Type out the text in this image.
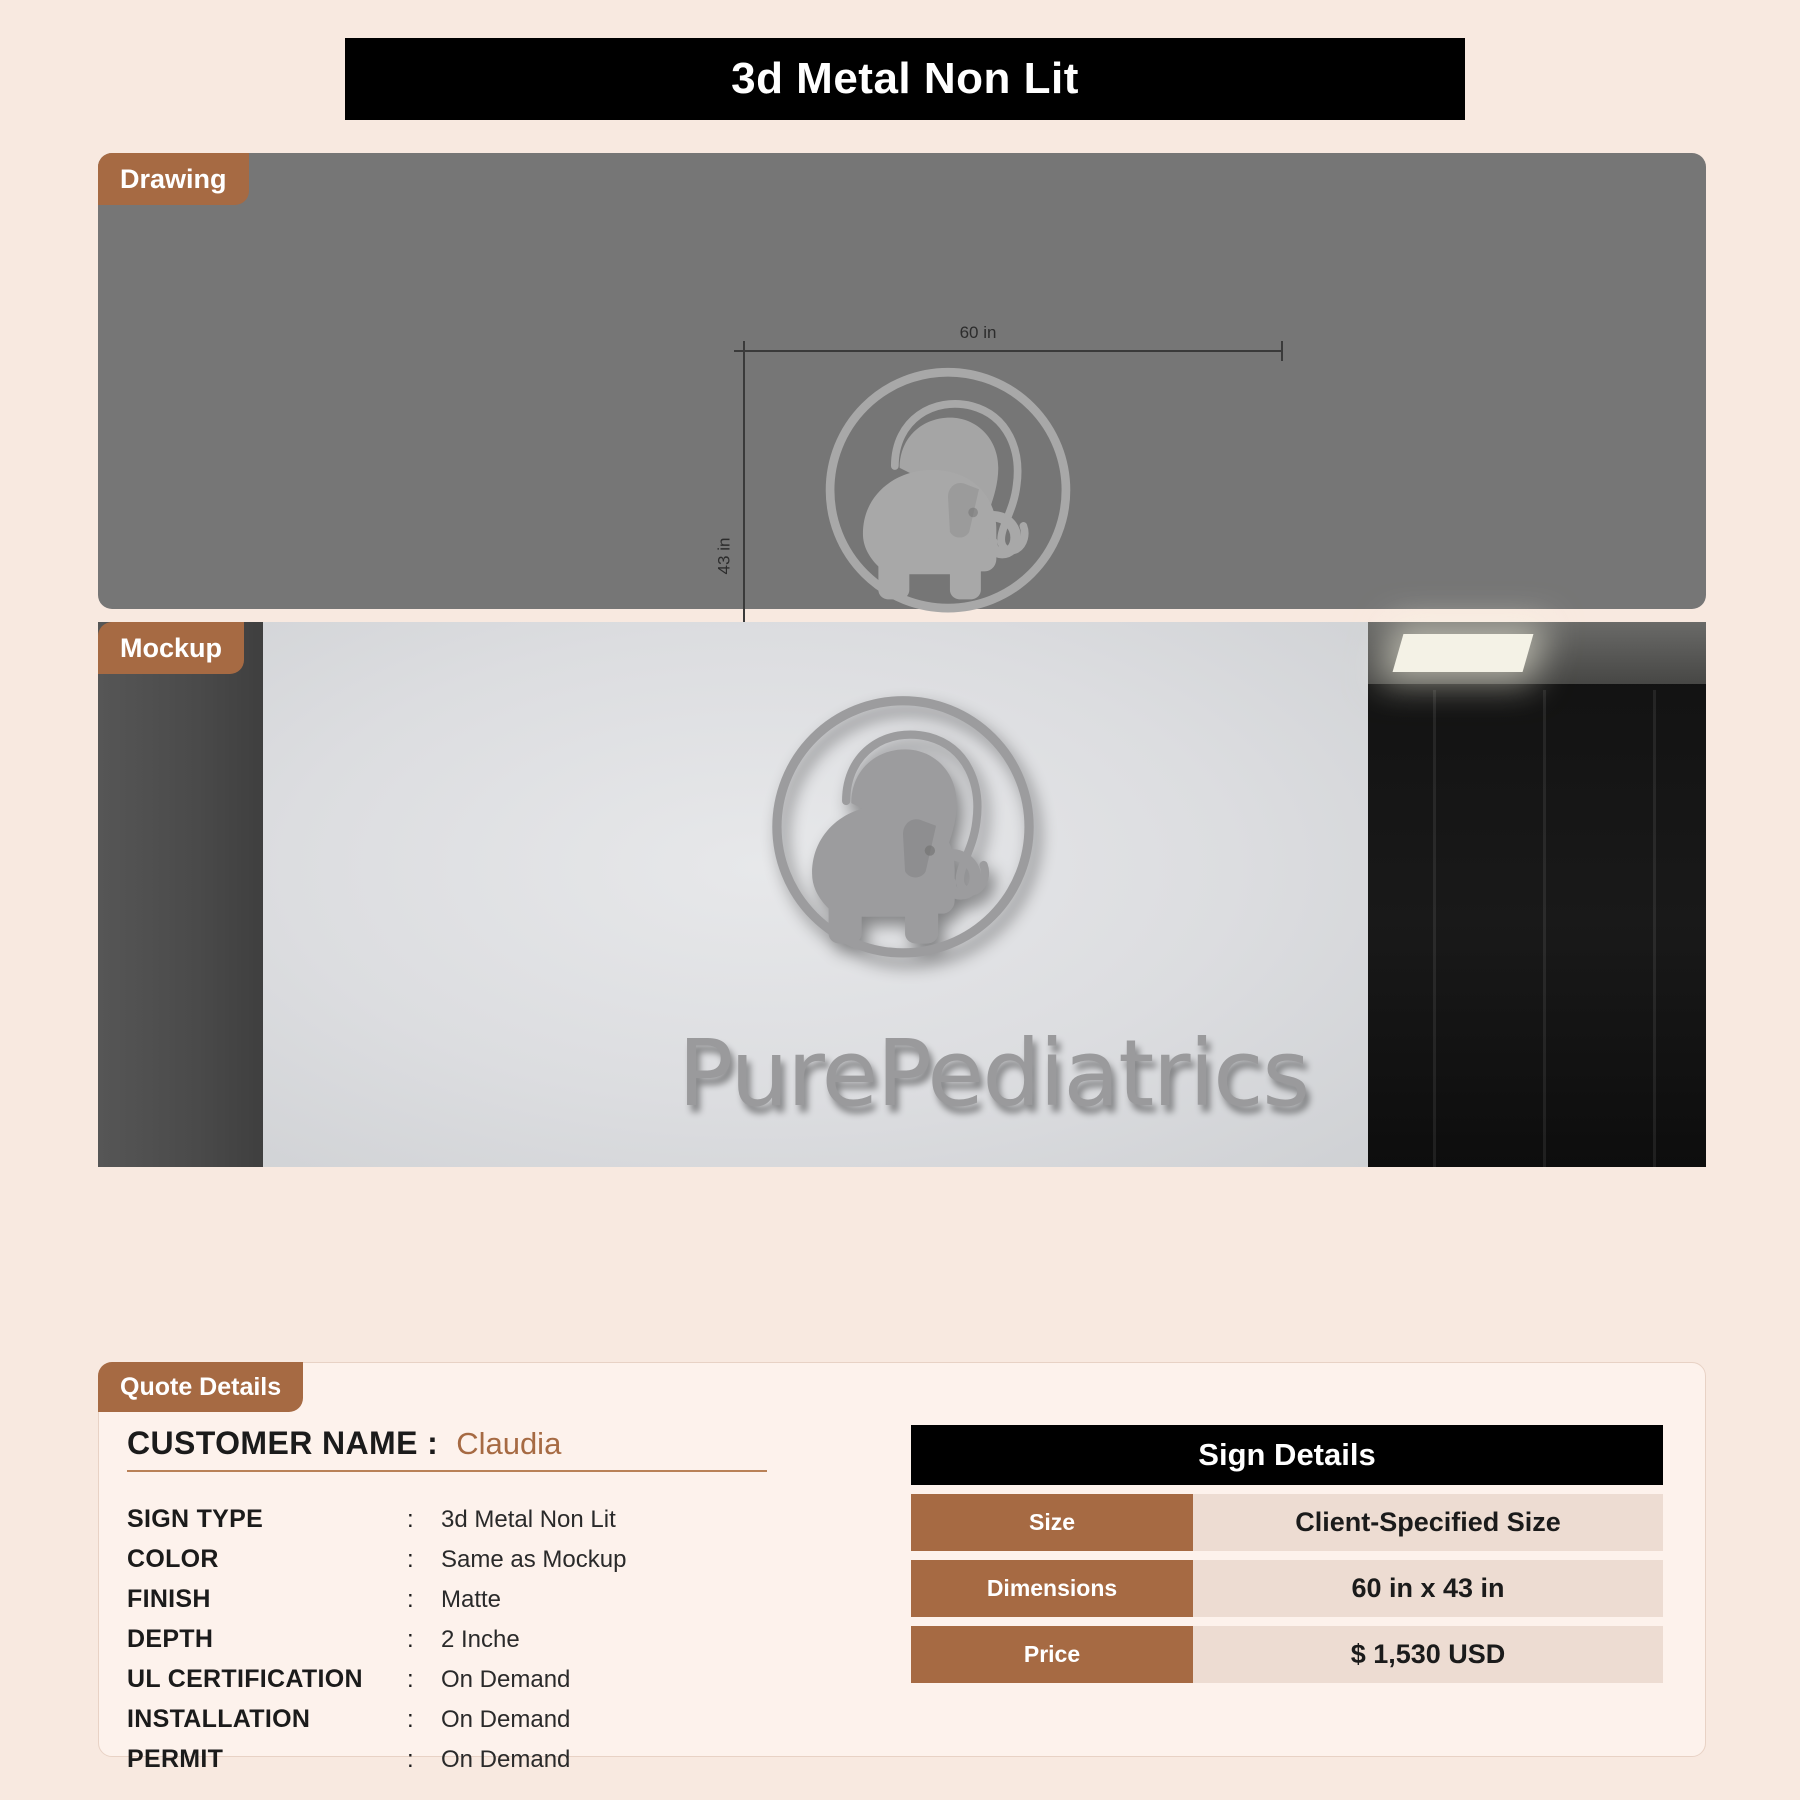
3d Metal Non Lit
60 in
43 in
Drawing
PurePediatrics
Mockup
CUSTOMER NAME : Claudia
SIGN TYPE	:	3d Metal Non Lit
COLOR	:	Same as Mockup
FINISH	:	Matte
DEPTH	:	2 Inche
UL CERTIFICATION	:	On Demand
INSTALLATION	:	On Demand
PERMIT	:	On Demand
Sign Details
Size	Client-Specified Size
Dimensions	60 in x 43 in
Price	$ 1,530 USD
Quote Details
